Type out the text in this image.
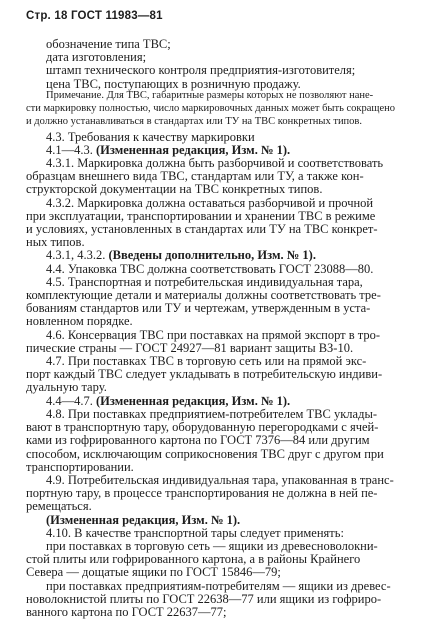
Стр. 18 ГОСТ 11983—81
обозначение типа ТВС;
дата изготовления;
штамп технического контроля предприятия-изготовителя;
цена ТВС, поступающих в розничную продажу.
Примечание. Для ТВС, габаритные размеры которых не позволяют нане-
сти маркировку полностью, число маркировочных данных может быть сокращено
и должно устанавливаться в стандартах или ТУ на ТВС конкретных типов.
4.3. Требования к качеству маркировки
4.1—4.3. (Измененная редакция, Изм. № 1).
4.3.1. Маркировка должна быть разборчивой и соответствовать
образцам внешнего вида ТВС, стандартам или ТУ, а также кон-
структорской документации на ТВС конкретных типов.
4.3.2. Маркировка должна оставаться разборчивой и прочной
при эксплуатации, транспортировании и хранении ТВС в режиме
и условиях, установленных в стандартах или ТУ на ТВС конкрет-
ных типов.
4.3.1, 4.3.2. (Введены дополнительно, Изм. № 1).
4.4. Упаковка ТВС должна соответствовать ГОСТ 23088—80.
4.5. Транспортная и потребительская индивидуальная тара,
комплектующие детали и материалы должны соответствовать тре-
бованиям стандартов или ТУ и чертежам, утвержденным в уста-
новленном порядке.
4.6. Консервация ТВС при поставках на прямой экспорт в тро-
пические страны — ГОСТ 24927—81 вариант защиты ВЗ-10.
4.7. При поставках ТВС в торговую сеть или на прямой экс-
порт каждый ТВС следует укладывать в потребительскую индиви-
дуальную тару.
4.4—4.7. (Измененная редакция, Изм. № 1).
4.8. При поставках предприятием-потребителем ТВС уклады-
вают в транспортную тару, оборудованную перегородками с ячей-
ками из гофрированного картона по ГОСТ 7376—84 или другим
способом, исключающим соприкосновения ТВС друг с другом при
транспортировании.
4.9. Потребительская индивидуальная тара, упакованная в транс-
портную тару, в процессе транспортирования не должна в ней пе-
ремещаться.
(Измененная редакция, Изм. № 1).
4.10. В качестве транспортной тары следует применять:
при поставках в торговую сеть — ящики из древесноволокни-
стой плиты или гофрированного картона, а в районы Крайнего
Севера — дощатые ящики по ГОСТ 15846—79;
при поставках предприятиям-потребителям — ящики из древес-
новолокнистой плиты по ГОСТ 22638—77 или ящики из гофриро-
ванного картона по ГОСТ 22637—77;
